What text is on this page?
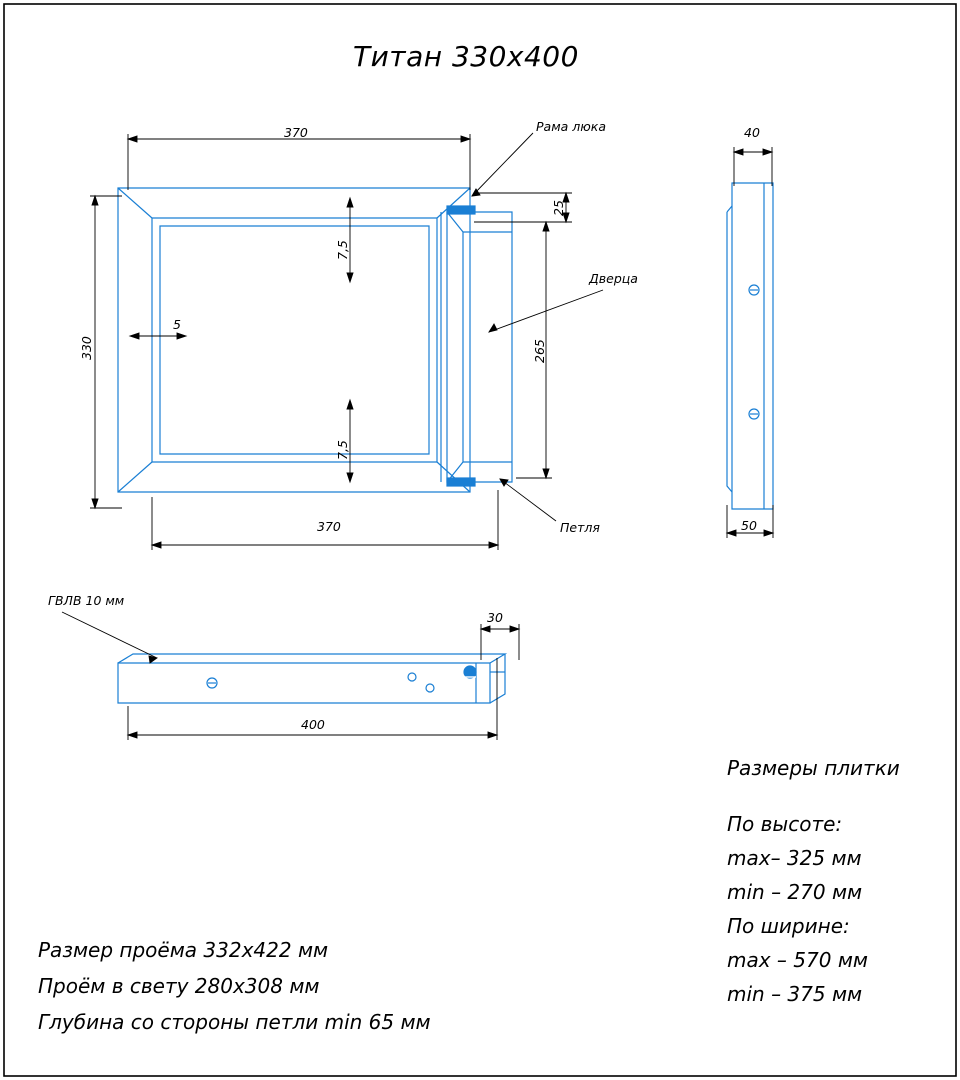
Титан 330x400
370
370
330
25
265
7,5
7,5
5
Рама люка
Дверца
Петля
40
50
ГВЛВ 10 мм
30
400
Размеры плитки
По высоте:
max– 325 мм
min – 270 мм
По ширине:
max – 570 мм
min – 375 мм
Размер проёма 332x422 мм
Проём в свету 280x308 мм
Глубина со стороны петли min 65 мм
